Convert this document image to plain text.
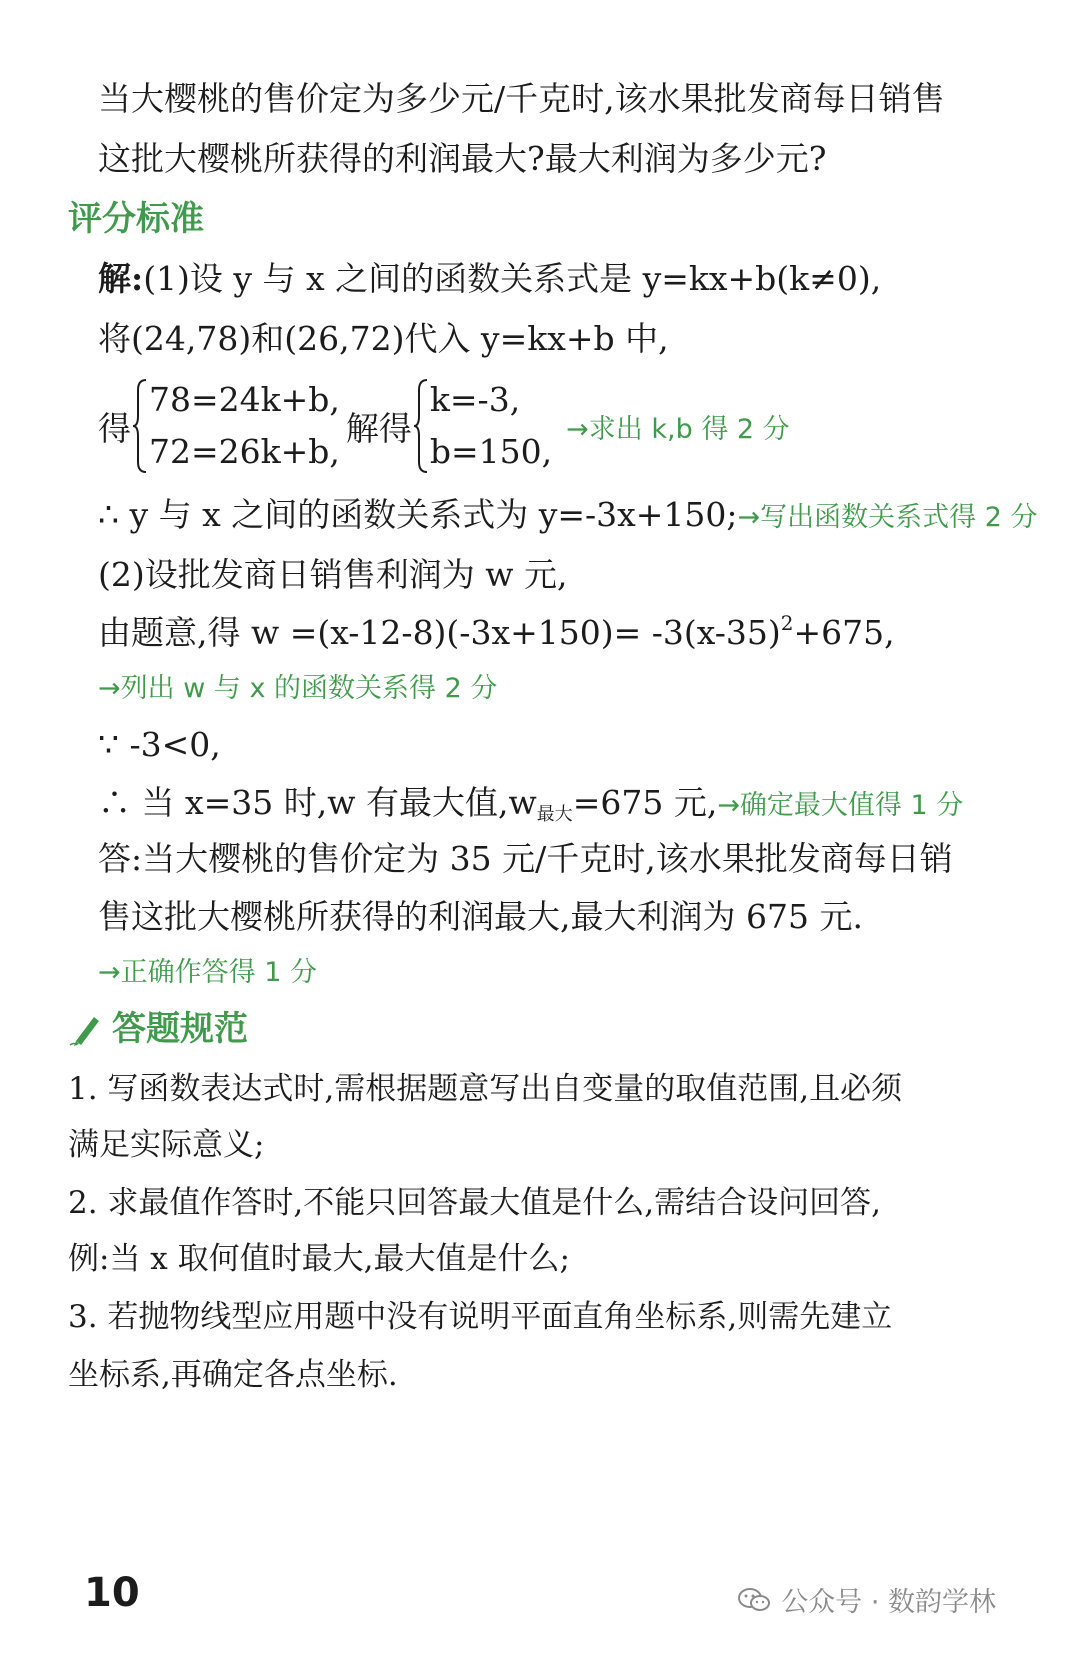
当大樱桃的售价定为多少元/千克时,该水果批发商每日销售
这批大樱桃所获得的利润最大?最大利润为多少元?
评分标准
解:(1)设 y 与 x 之间的函数关系式是 y=kx+b(k≠0),
将(24,78)和(26,72)代入 y=kx+b 中,
得
78=24k+b,
72=26k+b,
解得
k=-3,
b=150,
→求出 k,b 得 2 分
∴ y 与 x 之间的函数关系式为 y=-3x+150;→写出函数关系式得 2 分
(2)设批发商日销售利润为 w 元,
由题意,得 $w =(x-12-8)(-3x+150)= -3(x-35)^2+675$,
→列出 w 与 x 的函数关系得 2 分
∵ -3<0,
∴ 当 x=35 时,w 有最大值$,w_{最大}=675$ 元,→确定最大值得 1 分
答:当大樱桃的售价定为 35 元/千克时,该水果批发商每日销
售这批大樱桃所获得的利润最大,最大利润为 675 元.
→正确作答得 1 分
答题规范
1. 写函数表达式时,需根据题意写出自变量的取值范围,且必须
满足实际意义;
2. 求最值作答时,不能只回答最大值是什么,需结合设问回答,
例:当 x 取何值时最大,最大值是什么;
3. 若抛物线型应用题中没有说明平面直角坐标系,则需先建立
坐标系,再确定各点坐标.
10	公众号 · 数韵学林
